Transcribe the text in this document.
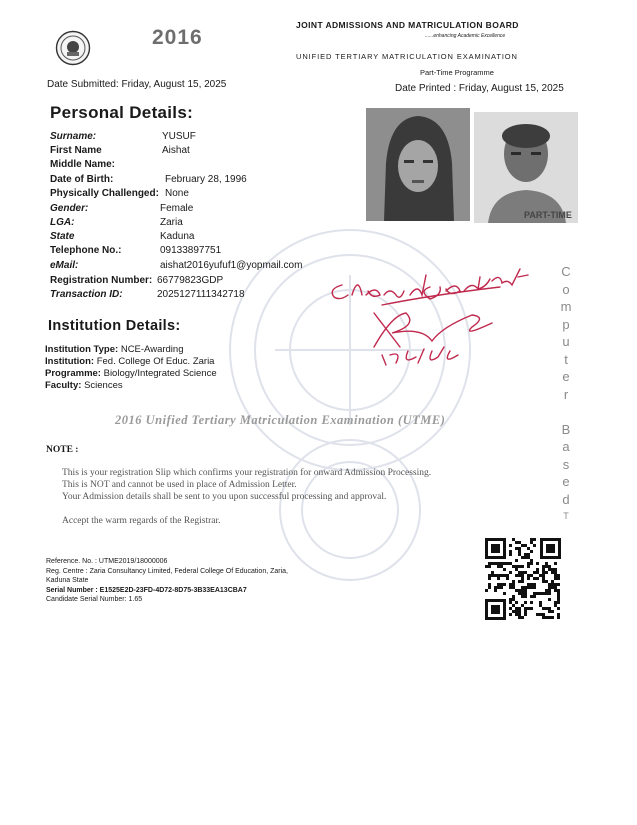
2016
JOINT ADMISSIONS AND MATRICULATION BOARD
......enhancing Academic Excellence
UNIFIED TERTIARY MATRICULATION EXAMINATION
Part-Time Programme
Date Submitted: Friday, August 15, 2025	Date Printed : Friday, August 15, 2025
Personal Details:
Surname:	YUSUF
First Name	Aishat
Middle Name:
Date of Birth:	February 28, 1996
Physically Challenged: None
Gender:	Female
LGA:	Zaria
State	Kaduna
Telephone No.:	09133897751
eMail:	aishat2016yufuf1@yopmail.com
Registration Number: 66779823GDP
Transaction ID:	2025127111342718
PART-TIME
C
o
m
p
u
t
e
r
B
a
s
e
d
T
Institution Details:
Institution Type: NCE-Awarding
Institution: Fed. College Of Educ. Zaria
Programme: Biology/Integrated Science
Faculty: Sciences
2016 Unified Tertiary Matriculation Examination (UTME)
NOTE :
This is your registration Slip which confirms your registration for onward Admission Processing.
This is NOT and cannot be used in place of Admission Letter.
Your Admission details shall be sent to you upon successful processing and approval.
Accept the warm regards of the Registrar.
Reference. No. : UTME2019/18000006
Reg. Centre : Zaria Consultancy Limited, Federal College Of Education, Zaria,
Kaduna State
Serial Number : E1525E2D-23FD-4D72-8D75-3B33EA13CBA7
Candidate Serial Number: 1.65
